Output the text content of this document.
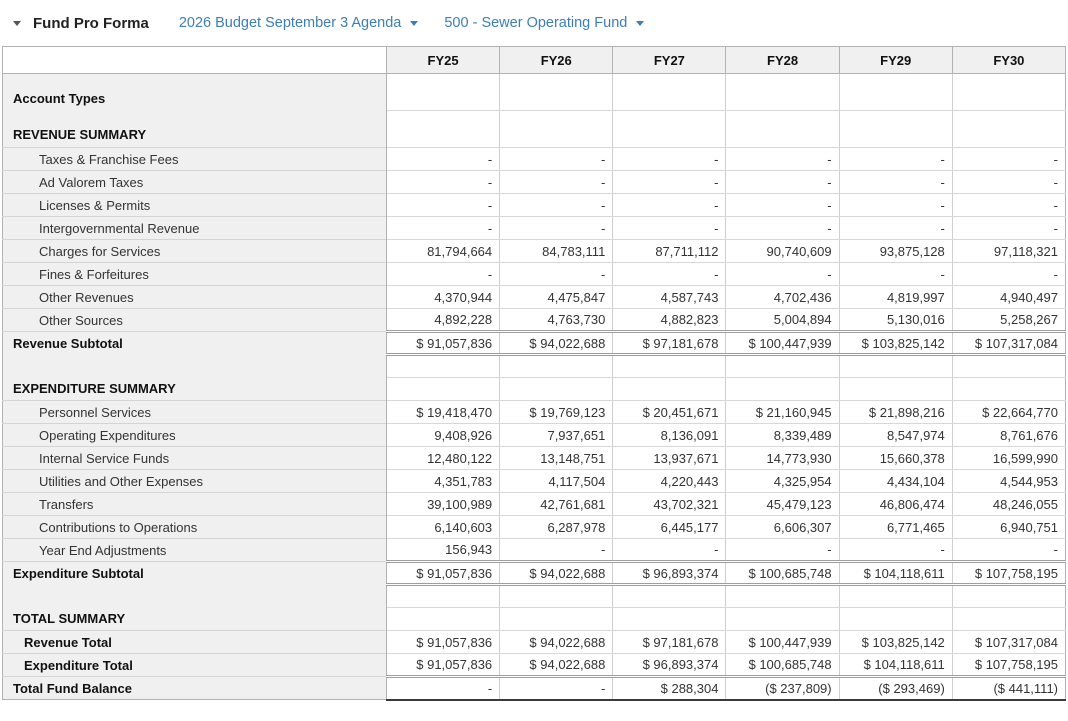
Fund Pro Forma 2026 Budget September 3 Agenda	500 - Sewer Operating Fund
	FY25	FY26	FY27	FY28	FY29	FY30
Account Types						
REVENUE SUMMARY						
Taxes & Franchise Fees	-	-	-	-	-	-
Ad Valorem Taxes	-	-	-	-	-	-
Licenses & Permits	-	-	-	-	-	-
Intergovernmental Revenue	-	-	-	-	-	-
Charges for Services	81,794,664	84,783,111	87,711,112	90,740,609	93,875,128	97,118,321
Fines & Forfeitures	-	-	-	-	-	-
Other Revenues	4,370,944	4,475,847	4,587,743	4,702,436	4,819,997	4,940,497
Other Sources	4,892,228	4,763,730	4,882,823	5,004,894	5,130,016	5,258,267
Revenue Subtotal	$ 91,057,836	$ 94,022,688	$ 97,181,678	$ 100,447,939	$ 103,825,142	$ 107,317,084

EXPENDITURE SUMMARY						
Personnel Services	$ 19,418,470	$ 19,769,123	$ 20,451,671	$ 21,160,945	$ 21,898,216	$ 22,664,770
Operating Expenditures	9,408,926	7,937,651	8,136,091	8,339,489	8,547,974	8,761,676
Internal Service Funds	12,480,122	13,148,751	13,937,671	14,773,930	15,660,378	16,599,990
Utilities and Other Expenses	4,351,783	4,117,504	4,220,443	4,325,954	4,434,104	4,544,953
Transfers	39,100,989	42,761,681	43,702,321	45,479,123	46,806,474	48,246,055
Contributions to Operations	6,140,603	6,287,978	6,445,177	6,606,307	6,771,465	6,940,751
Year End Adjustments	156,943	-	-	-	-	-
Expenditure Subtotal	$ 91,057,836	$ 94,022,688	$ 96,893,374	$ 100,685,748	$ 104,118,611	$ 107,758,195

TOTAL SUMMARY						
Revenue Total	$ 91,057,836	$ 94,022,688	$ 97,181,678	$ 100,447,939	$ 103,825,142	$ 107,317,084
Expenditure Total	$ 91,057,836	$ 94,022,688	$ 96,893,374	$ 100,685,748	$ 104,118,611	$ 107,758,195
Total Fund Balance	-	-	$ 288,304	($ 237,809)	($ 293,469)	($ 441,111)
